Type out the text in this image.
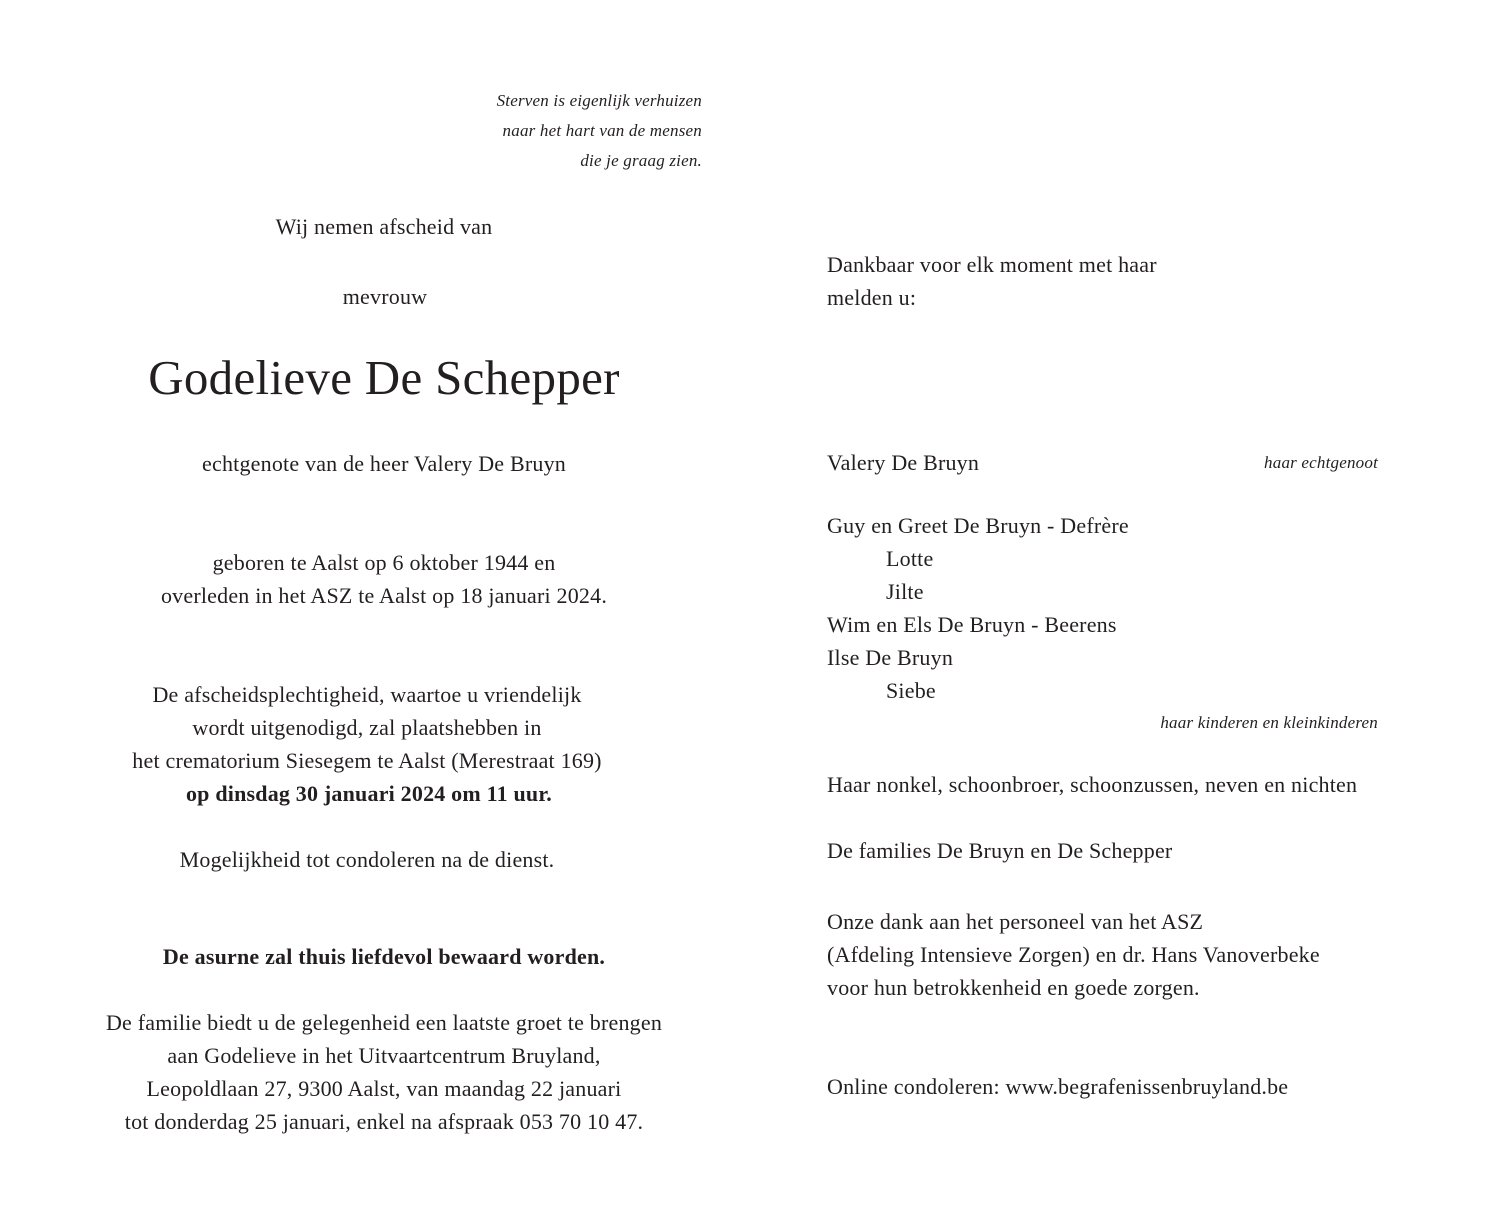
Sterven is eigenlijk verhuizen
naar het hart van de mensen
die je graag zien.
Wij nemen afscheid van
mevrouw
Godelieve De Schepper
echtgenote van de heer Valery De Bruyn
geboren te Aalst op 6 oktober 1944 en
overleden in het ASZ te Aalst op 18 januari 2024.
De afscheidsplechtigheid, waartoe u vriendelijk
wordt uitgenodigd, zal plaatshebben in
het crematorium Siesegem te Aalst (Merestraat 169)
op dinsdag 30 januari 2024 om 11 uur.
Mogelijkheid tot condoleren na de dienst.
De asurne zal thuis liefdevol bewaard worden.
De familie biedt u de gelegenheid een laatste groet te brengen
aan Godelieve in het Uitvaartcentrum Bruyland,
Leopoldlaan 27, 9300 Aalst, van maandag 22 januari
tot donderdag 25 januari, enkel na afspraak 053 70 10 47.
Dankbaar voor elk moment met haar
melden u:
Valery De Bruyn	haar echtgenoot
Guy en Greet De Bruyn - Defrère
Lotte
Jilte
Wim en Els De Bruyn - Beerens
Ilse De Bruyn
Siebe
haar kinderen en kleinkinderen
Haar nonkel, schoonbroer, schoonzussen, neven en nichten
De families De Bruyn en De Schepper
Onze dank aan het personeel van het ASZ
(Afdeling Intensieve Zorgen) en dr. Hans Vanoverbeke
voor hun betrokkenheid en goede zorgen.
Online condoleren: www.begrafenissenbruyland.be
